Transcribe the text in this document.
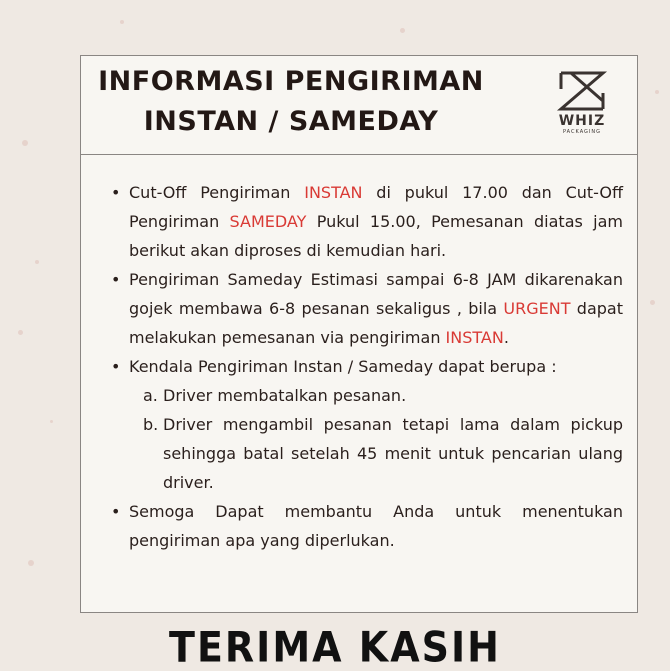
INFORMASI PENGIRIMAN
INSTAN / SAMEDAY	WHIZ
PACKAGING
• Cut-Off Pengiriman INSTAN di pukul 17.00 dan Cut-Off Pengiriman SAMEDAY Pukul 15.00, Pemesanan diatas jam berikut akan diproses di kemudian hari.
• Pengiriman Sameday Estimasi sampai 6-8 JAM dikarenakan gojek membawa 6-8 pesanan sekaligus , bila URGENT dapat melakukan pemesanan via pengiriman INSTAN.
• Kendala Pengiriman Instan / Sameday dapat berupa :
a. Driver membatalkan pesanan.
b. Driver mengambil pesanan tetapi lama dalam pickup sehingga batal setelah 45 menit untuk pencarian ulang driver.
• Semoga Dapat membantu Anda untuk menentukan pengiriman apa yang diperlukan.
TERIMA KASIH
